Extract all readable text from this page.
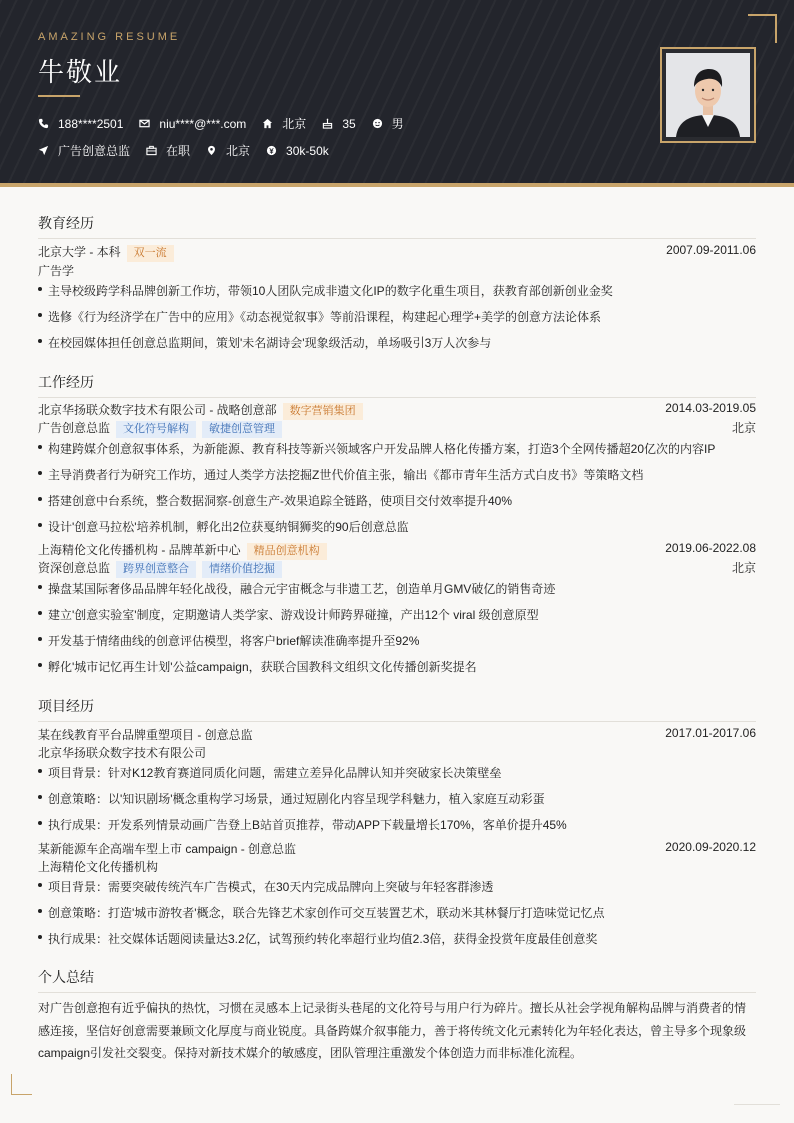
AMAZING RESUME
牛敬业
188****2501	niu****@***.com	北京	35	男
广告创意总监	在职	北京	30k-50k
教育经历
北京大学 - 本科 双一流	2007.09-2011.06
广告学
主导校级跨学科品牌创新工作坊，带领10人团队完成非遗文化IP的数字化重生项目，获教育部创新创业金奖
选修《行为经济学在广告中的应用》《动态视觉叙事》等前沿课程，构建起心理学+美学的创意方法论体系
在校园媒体担任创意总监期间，策划'未名湖诗会'现象级活动，单场吸引3万人次参与
工作经历
北京华扬联众数字技术有限公司 - 战略创意部 数字营销集团	2014.03-2019.05
广告创意总监 文化符号解构 敏捷创意管理	北京
构建跨媒介创意叙事体系，为新能源、教育科技等新兴领域客户开发品牌人格化传播方案，打造3个全网传播超20亿次的内容IP
主导消费者行为研究工作坊，通过人类学方法挖掘Z世代价值主张，输出《都市青年生活方式白皮书》等策略文档
搭建创意中台系统，整合数据洞察-创意生产-效果追踪全链路，使项目交付效率提升40%
设计'创意马拉松'培养机制，孵化出2位获戛纳铜狮奖的90后创意总监
上海精伦文化传播机构 - 品牌革新中心 精品创意机构	2019.06-2022.08
资深创意总监 跨界创意整合 情绪价值挖掘	北京
操盘某国际奢侈品品牌年轻化战役，融合元宇宙概念与非遗工艺，创造单月GMV破亿的销售奇迹
建立'创意实验室'制度，定期邀请人类学家、游戏设计师跨界碰撞，产出12个 viral 级创意原型
开发基于情绪曲线的创意评估模型，将客户brief解读准确率提升至92%
孵化'城市记忆再生计划'公益campaign，获联合国教科文组织文化传播创新奖提名
项目经历
某在线教育平台品牌重塑项目 - 创意总监	2017.01-2017.06
北京华扬联众数字技术有限公司
项目背景：针对K12教育赛道同质化问题，需建立差异化品牌认知并突破家长决策壁垒
创意策略：以'知识剧场'概念重构学习场景，通过短剧化内容呈现学科魅力，植入家庭互动彩蛋
执行成果：开发系列情景动画广告登上B站首页推荐，带动APP下载量增长170%，客单价提升45%
某新能源车企高端车型上市 campaign - 创意总监	2020.09-2020.12
上海精伦文化传播机构
项目背景：需要突破传统汽车广告模式，在30天内完成品牌向上突破与年轻客群渗透
创意策略：打造'城市游牧者'概念，联合先锋艺术家创作可交互装置艺术，联动米其林餐厅打造味觉记忆点
执行成果：社交媒体话题阅读量达3.2亿，试驾预约转化率超行业均值2.3倍，获得金投赏年度最佳创意奖
个人总结
对广告创意抱有近乎偏执的热忱，习惯在灵感本上记录街头巷尾的文化符号与用户行为碎片。擅长从社会学视角解构品牌与消费者的情感连接，坚信好创意需要兼顾文化厚度与商业锐度。具备跨媒介叙事能力，善于将传统文化元素转化为年轻化表达，曾主导多个现象级campaign引发社交裂变。保持对新技术媒介的敏感度，团队管理注重激发个体创造力而非标准化流程。
